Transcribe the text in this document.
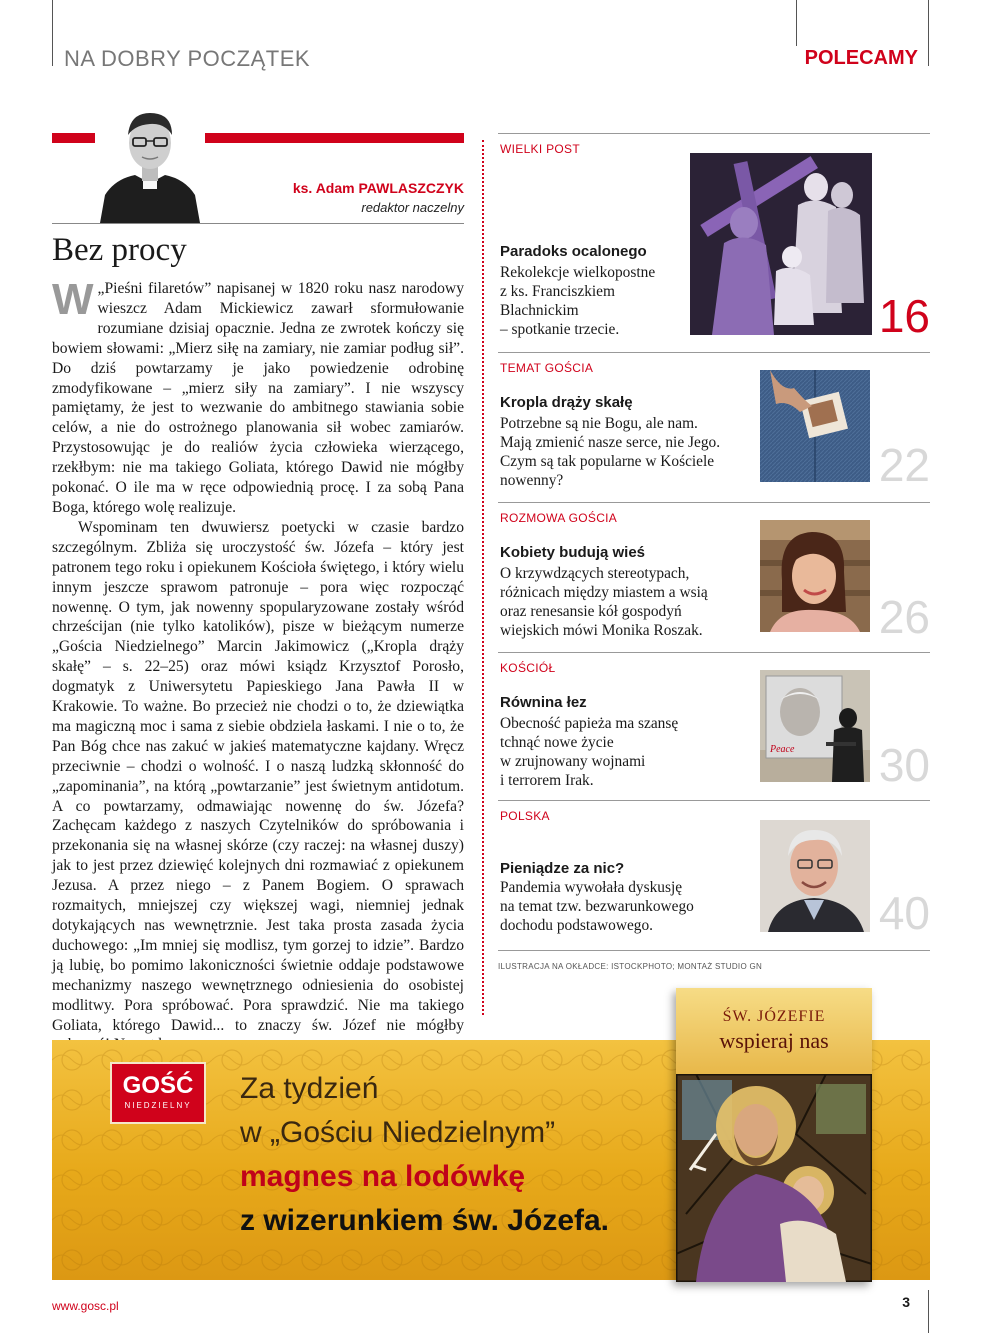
NA DOBRY POCZĄTEK	POLECAMY
ks. Adam PAWLASZCZYK
redaktor naczelny
Bez procy

W „Pieśni filaretów” napisanej w 1820 roku nasz narodowy wieszcz Adam Mickiewicz zawarł sformułowanie rozumiane dzisiaj opacznie. Jedna ze zwrotek kończy się bowiem słowami: „Mierz siłę na zamiary, nie zamiar podług sił”. Do dziś powtarzamy je jako powiedzenie odrobinę zmodyfikowane – „mierz siły na zamiary”. I nie wszyscy pamiętamy, że jest to wezwanie do ambitnego stawiania sobie celów, a nie do ostrożnego planowania sił wobec zamiarów. Przystosowując je do realiów życia człowieka wierzącego, rzekłbym: nie ma takiego Goliata, którego Dawid nie mógłby pokonać. O ile ma w ręce odpowiednią procę. I za sobą Pana Boga, którego wolę realizuje.

Wspominam ten dwuwiersz poetycki w czasie bardzo szczególnym. Zbliża się uroczystość św. Józefa – który jest patronem tego roku i opiekunem Kościoła świętego, i który wielu innym jeszcze sprawom patronuje – pora więc rozpocząć nowennę. O tym, jak nowenny spopularyzowane zostały wśród chrześcijan (nie tylko katolików), pisze w bieżącym numerze „Gościa Niedzielnego” Marcin Jakimowicz („Kropla drąży skałę” – s. 22–25) oraz mówi ksiądz Krzysztof Porosło, dogmatyk z Uniwersytetu Papieskiego Jana Pawła II w Krakowie. To ważne. Bo przecież nie chodzi o to, że dziewiątka ma magiczną moc i sama z siebie obdziela łaskami. I nie o to, że Pan Bóg chce nas zakuć w jakieś matematyczne kajdany. Wręcz przeciwnie – chodzi o wolność. I o naszą ludzką skłonność do „zapominania”, na którą „powtarzanie” jest świetnym antidotum. A co powtarzamy, odmawiając nowennę do św. Józefa? Zachęcam każdego z naszych Czytelników do spróbowania i przekonania się na własnej skórze (czy raczej: na własnej duszy) jak to jest przez dziewięć kolejnych dni rozmawiać z opiekunem Jezusa. A przez niego – z Panem Bogiem. O sprawach rozmaitych, mniejszej czy większej wagi, niemniej jednak dotykających nas wewnętrznie. Jest taka prosta zasada życia duchowego: „Im mniej się modlisz, tym gorzej to idzie”. Bardzo ją lubię, bo pomimo lakoniczności świetnie oddaje podstawowe mechanizmy naszego wewnętrznego odniesienia do osobistej modlitwy. Pora spróbować. Pora sprawdzić. Nie ma takiego Goliata, którego Dawid... to znaczy św. Józef nie mógłby

WIELKI POST
Paradoks ocalonego
Rekolekcje wielkopostne
z ks. Franciszkiem
Blachnickim
– spotkanie trzecie.	16
TEMAT GOŚCIA
Kropla drąży skałę
Potrzebne są nie Bogu, ale nam.
Mają zmienić nasze serce, nie Jego.
Czym są tak popularne w Kościele
nowenny?	22
ROZMOWA GOŚCIA
Kobiety budują wieś
O krzywdzących stereotypach,
różnicach między miastem a wsią
oraz renesansie kół gospodyń
wiejskich mówi Monika Roszak.	26
KOŚCIÓŁ
Peace
Równina łez
Obecność papieża ma szansę
tchnąć nowe życie
w zrujnowany wojnami
i terrorem Irak.	30
POLSKA
Pieniądze za nic?
Pandemia wywołała dyskusję
na temat tzw. bezwarunkowego
dochodu podstawowego.	40
ILUSTRACJA NA OKŁADCE: ISTOCKPHOTO; MONTAŻ STUDIO GN
GOŚĆ
NIEDZIELNY
Za tydzień
w „Gościu Niedzielnym”
magnes na lodówkę
z wizerunkiem św. Józefa.
ŚW. JÓZEFIE
wspieraj nas
www.gosc.pl	3
